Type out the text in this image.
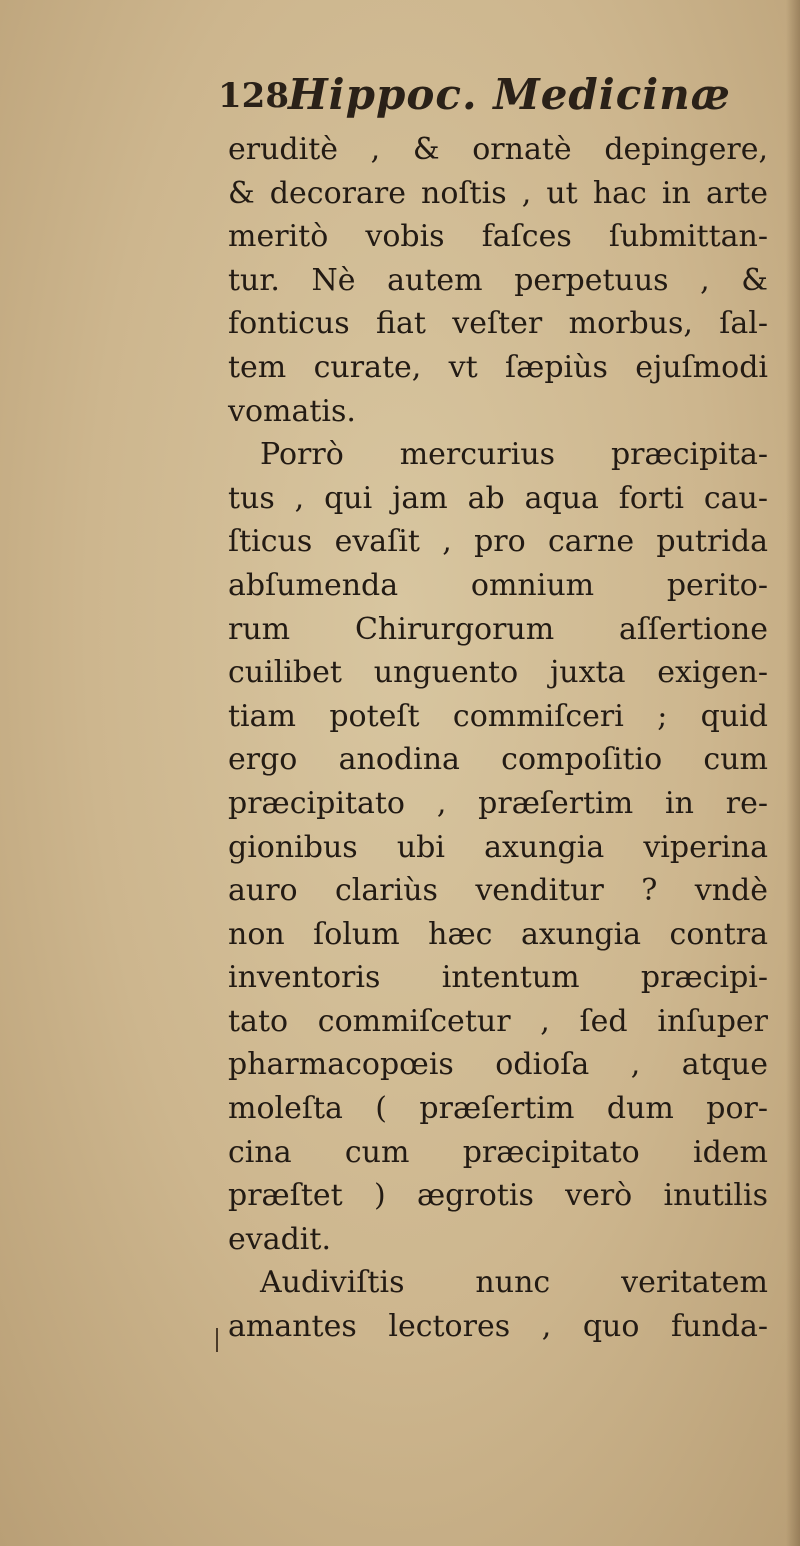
128 Hippoc. Medicinæ
eruditè , & ornatè depingere,
& decorare noſtis , ut hac in arte
meritò vobis faſces ſubmittan-
tur. Nè autem perpetuus , &
fonticus fiat veſter morbus, ſal-
tem curate, vt ſæpiùs ejuſmodi
vomatis.
Porrò mercurius præcipita-
tus , qui jam ab aqua forti cau-
ſticus evaſit , pro carne putrida
abſumenda omnium perito-
rum Chirurgorum aſſertione
cuilibet unguento juxta exigen-
tiam poteſt commiſceri ; quid
ergo anodina compoſitio cum
præcipitato , præſertim in re-
gionibus ubi axungia viperina
auro clariùs venditur ? vndè
non ſolum hæc axungia contra
inventoris intentum præcipi-
tato commiſcetur , ſed inſuper
pharmacopœis odioſa , atque
moleſta ( præſertim dum por-
cina cum præcipitato idem
præſtet ) ægrotis verò inutilis
evadit.
Audiviſtis nunc veritatem
amantes lectores , quo funda-
